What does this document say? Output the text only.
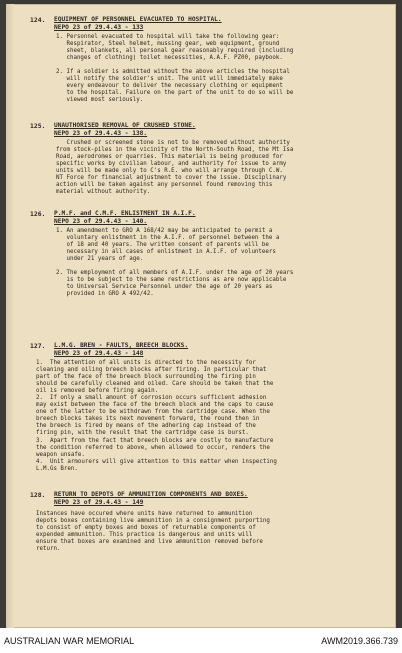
124. EQUIPMENT OF PERSONNEL EVACUATED TO HOSPITAL.
NEPO 23 of 29.4.43 - 133
1. Personnel evacuated to hospital will take the following gear:
Respirator, Steel helmet, mussing gear, web equipment, ground
sheet, blankets, all personal gear reasonably required (including
changes of clothing) toilet necessities, A.A.F. PZ00, paybook.

2. If a soldier is admitted without the above articles the hospital
will notify the soldier's unit. The unit will immediately make
every endeavour to deliver the necessary clothing or equipment
to the hospital. Failure on the part of the unit to do so will be
viewed most seriously.
125. UNAUTHORISED REMOVAL OF CRUSHED STONE.
NEPO 23 of 29.4.43 - 138.
Crushed or screened stone is not to be removed without authority
from stock-piles in the vicinity of the North-South Road, the Mt Isa
Road, aerodromes or quarries. This material is being produced for
specific works by civilian labour, and authority for issue to army
units will be made only to C's R.E. who will arrange through C.W.
NT Force for financial adjustment to cover the issue. Disciplinary
action will be taken against any personnel found removing this
material without authority.
126. P.M.F. and C.M.F. ENLISTMENT IN A.I.F.
NEPO 23 of 29.4.43 - 140.
1. An amendment to GRO A 168/42 may be anticipated to permit a
voluntary enlistment in the A.I.F. of personnel between the a
of 18 and 40 years. The written consent of parents will be
necessary in all cases of enlistment in A.I.F. of volunteers
under 21 years of age.

2. The employment of all members of A.I.F. under the age of 20 years
is to be subject to the same restrictions as are now applicable
to Universal Service Personnel under the age of 20 years as
provided in GRO A 492/42.
127. L.M.G. BREN - FAULTS, BREECH BLOCKS.
NEPO 23 of 29.4.43 - 148
1.  The attention of all units is directed to the necessity for
cleaning and oiling breech blocks after firing. In particular that
part of the face of the breech block surrounding the firing pin
should be carefully cleaned and oiled. Care should be taken that the
oil is removed before firing again.
2.  If only a small amount of corrosion occurs sufficient adhesion
may exist between the face of the breech block and the caps to cause
one of the latter to be withdrawn from the cartridge case. When the
breech blocks takes its next movement forward, the round then in
the breech is fired by means of the adhering cap instead of the
firing pin, with the result that the cartridge case is burst.
3.  Apart from the fact that breech blocks are costly to manufacture
the condition referred to above, when allowed to occur, renders the
weapon unsafe.
4.  Unit armourers will give attention to this matter when inspecting
L.M.Gs Bren.
128. RETURN TO DEPOTS OF AMMUNITION COMPONENTS AND BOXES.
NEPO 23 of 29.4.43 - 149
Instances have occured where units have returned to ammunition
depots boxes containing live ammunition in a consignment purporting
to consist of empty boxes and boxes of returnable components of
expended ammunition. This practice is dangerous and units will
ensure that boxes are examined and live ammunition removed before
return.
AUSTRALIAN WAR MEMORIAL	AWM2019.366.739
